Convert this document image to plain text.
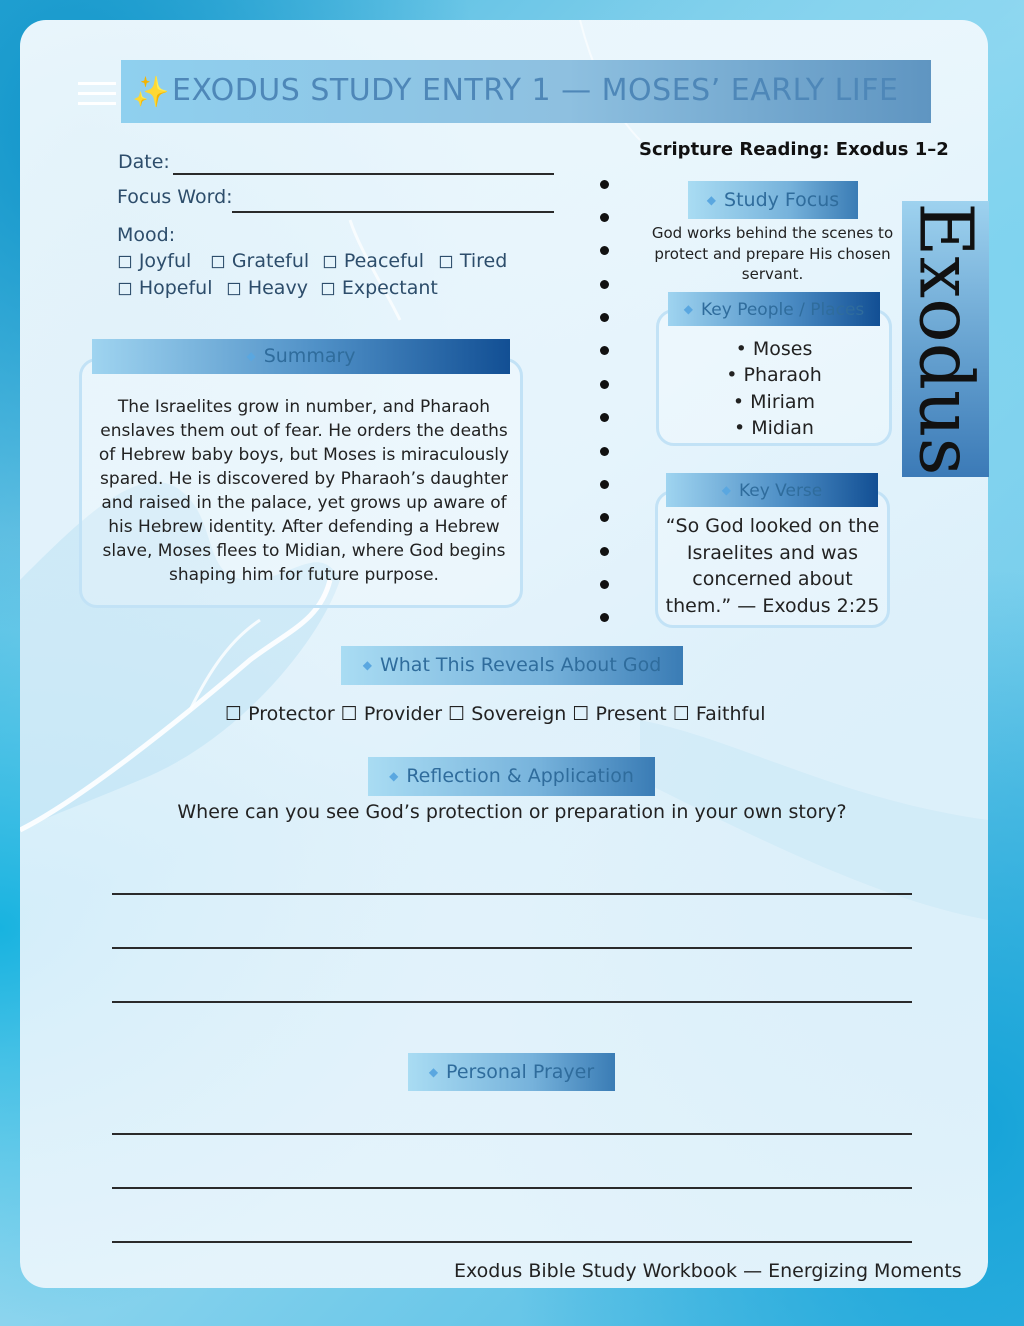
✨ EXODUS STUDY ENTRY 1 — MOSES’ EARLY LIFE
Date:
Focus Word:
Mood:
◻ Joyful ◻ Grateful ◻ Peaceful ◻ Tired
◻ Hopeful ◻ Heavy ◻ Expectant
◆ Summary
The Israelites grow in number, and Pharaoh enslaves them out of fear. He orders the deaths of Hebrew baby boys, but Moses is miraculously spared. He is discovered by Pharaoh’s daughter and raised in the palace, yet grows up aware of his Hebrew identity. After defending a Hebrew slave, Moses flees to Midian, where God begins shaping him for future purpose.
Scripture Reading: Exodus 1–2
◆ Study Focus
God works behind the scenes to
protect and prepare His chosen
servant.
◆ Key People / Places
• Moses
• Pharaoh
• Miriam
• Midian
◆ Key Verse
“So God looked on the
Israelites and was
concerned about
them.” — Exodus 2:25
Exodus
◆ What This Reveals About God
☐ Protector ☐ Provider ☐ Sovereign ☐ Present ☐ Faithful
◆ Reflection & Application
Where can you see God’s protection or preparation in your own story?
◆ Personal Prayer
Exodus Bible Study Workbook — Energizing Moments
